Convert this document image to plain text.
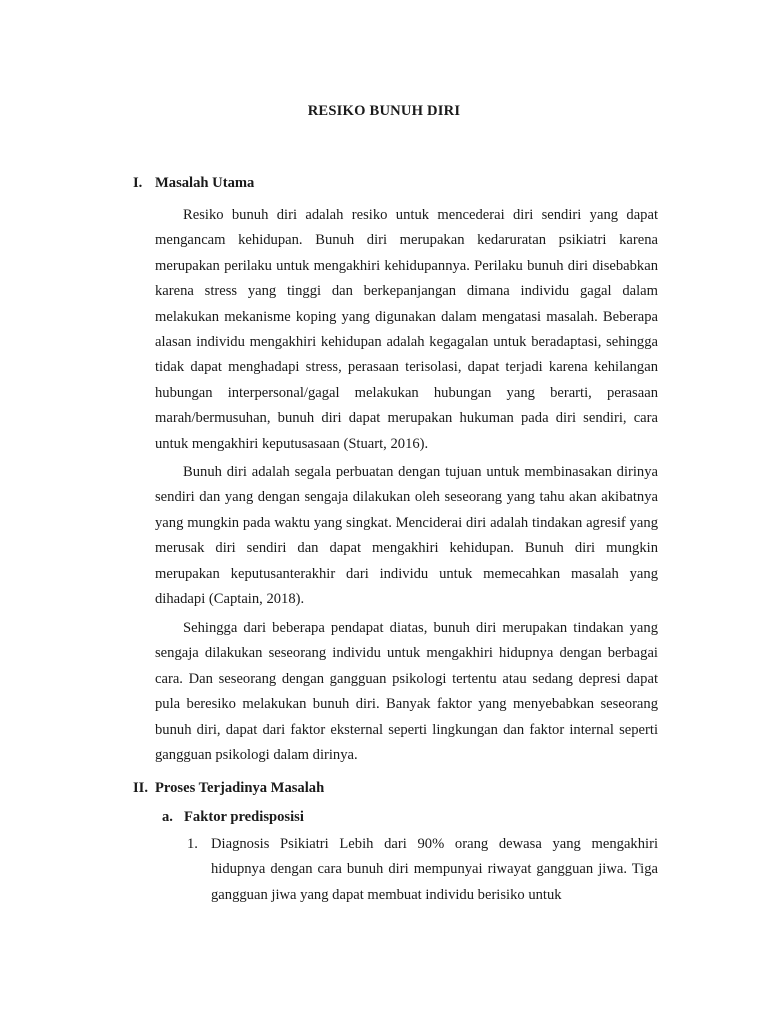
RESIKO BUNUH DIRI
I. Masalah Utama

Resiko bunuh diri adalah resiko untuk mencederai diri sendiri yang dapat mengancam kehidupan. Bunuh diri merupakan kedaruratan psikiatri karena merupakan perilaku untuk mengakhiri kehidupannya. Perilaku bunuh diri disebabkan karena stress yang tinggi dan berkepanjangan dimana individu gagal dalam melakukan mekanisme koping yang digunakan dalam mengatasi masalah. Beberapa alasan individu mengakhiri kehidupan adalah kegagalan untuk beradaptasi, sehingga tidak dapat menghadapi stress, perasaan terisolasi, dapat terjadi karena kehilangan hubungan interpersonal/gagal melakukan hubungan yang berarti, perasaan marah/bermusuhan, bunuh diri dapat merupakan hukuman pada diri sendiri, cara untuk mengakhiri keputusasaan (Stuart, 2016).

Bunuh diri adalah segala perbuatan dengan tujuan untuk membinasakan dirinya sendiri dan yang dengan sengaja dilakukan oleh seseorang yang tahu akan akibatnya yang mungkin pada waktu yang singkat. Menciderai diri adalah tindakan agresif yang merusak diri sendiri dan dapat mengakhiri kehidupan. Bunuh diri mungkin merupakan keputusanterakhir dari individu untuk memecahkan masalah yang dihadapi (Captain, 2018).

Sehingga dari beberapa pendapat diatas, bunuh diri merupakan tindakan yang sengaja dilakukan seseorang individu untuk mengakhiri hidupnya dengan berbagai cara. Dan seseorang dengan gangguan psikologi tertentu atau sedang depresi dapat pula beresiko melakukan bunuh diri. Banyak faktor yang menyebabkan seseorang bunuh diri, dapat dari faktor eksternal seperti lingkungan dan faktor internal seperti gangguan psikologi dalam dirinya.

II. Proses Terjadinya Masalah
a. Faktor predisposisi
1. Diagnosis Psikiatri Lebih dari 90% orang dewasa yang mengakhiri hidupnya dengan cara bunuh diri mempunyai riwayat gangguan jiwa. Tiga gangguan jiwa yang dapat membuat individu berisiko untuk
